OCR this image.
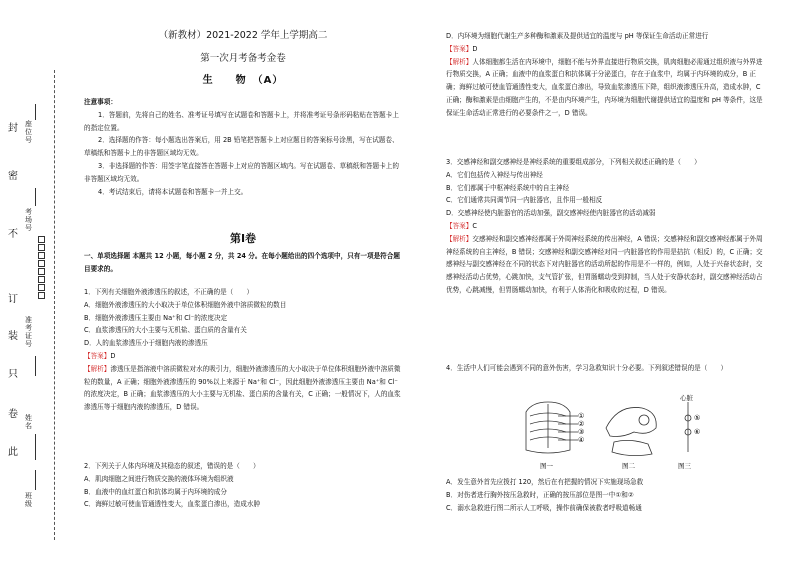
封
密
不
订
装
只
卷
此
座位号
考场号
准考证号
姓名
班级
（新教材）2021-2022 学年上学期高二
第一次月考备考金卷
生　　物　（A）

注意事项：

1．答题前，先将自己的姓名、准考证号填写在试题卷和答题卡上，并将准考证号条形码粘贴在答题卡上的指定位置。

2．选择题的作答：每小题选出答案后，用 2B 铅笔把答题卡上对应题目的答案标号涂黑，写在试题卷、草稿纸和答题卡上的非答题区域均无效。

3．非选择题的作答：用签字笔直接答在答题卡上对应的答题区域内。写在试题卷、草稿纸和答题卡上的非答题区域均无效。

4．考试结束后，请将本试题卷和答题卡一并上交。

第Ⅰ卷

一、单项选择题 本题共 12 小题，每小题 2 分，共 24 分。在每小题给出的四个选项中，只有一项是符合题目要求的。

1．下列有关细胞外液渗透压的叙述，不正确的是（　　）

A．细胞外液渗透压的大小取决于单位体积细胞外液中溶质微粒的数目

B．细胞外液渗透压主要由 Na⁺和 Cl⁻的浓度决定

C．血浆渗透压的大小主要与无机盐、蛋白质的含量有关

D．人的血浆渗透压小于细胞内液的渗透压

【答案】D

【解析】渗透压是指溶液中溶质微粒对水的吸引力，细胞外液渗透压的大小取决于单位体积细胞外液中溶质微粒的数量，A 正确；细胞外液渗透压的 90%以上来源于 Na⁺和 Cl⁻，因此细胞外液渗透压主要由 Na⁺和 Cl⁻的浓度决定，B 正确；血浆渗透压的大小主要与无机盐、蛋白质的含量有关，C 正确；一般情况下，人的血浆渗透压等于细胞内液的渗透压，D 错误。

2．下列关于人体内环境及其稳态的叙述，错误的是（　　）

A．肌肉细胞之间进行物质交换的液体环境为组织液

B．血液中的血红蛋白和抗体均属于内环境的成分

C．海鲜过敏可使血管通透性变大，血浆蛋白渗出，造成水肿

D．内环境为细胞代谢生产多种酶和激素及提供适宜的温度与 pH 等保证生命活动正常进行

【答案】D

【解析】人体细胞都生活在内环境中，细胞不能与外界直接进行物质交换，肌肉细胞必需通过组织液与外界进行物质交换，A 正确；血液中的血浆蛋白和抗体属于分泌蛋白，存在于血浆中，均属于内环境的成分，B 正确；海鲜过敏可使血管通透性变大，血浆蛋白渗出，导致血浆渗透压下降，组织液渗透压升高，造成水肿，C 正确；酶和激素是由细胞产生的，不是由内环境产生，内环境为细胞代谢提供适宜的温度和 pH 等条件，这是保证生命活动正常进行的必要条件之一，D 错误。

3．交感神经和副交感神经是神经系统的重要组成部分，下列相关叙述正确的是（　　）

A．它们包括传入神经与传出神经

B．它们都属于中枢神经系统中的自主神经

C．它们通常共同调节同一内脏器官，且作用一般相反

D．交感神经使内脏器官的活动加强，副交感神经使内脏器官的活动减弱

【答案】C

【解析】交感神经和副交感神经都属于外周神经系统的传出神经，A 错误；交感神经和副交感神经都属于外周神经系统的自主神经，B 错误；交感神经和副交感神经对同一内脏器官的作用是拮抗（相反）的，C 正确；交感神经与副交感神经在不同的状态下对内脏器官的活动所起的作用是不一样的，例如，人处于兴奋状态时，交感神经活动占优势，心跳加快，支气管扩张，但胃肠蠕动受到抑制，当人处于安静状态时，副交感神经活动占优势，心跳减慢，但胃肠蠕动加快，有利于人体消化和吸收的过程，D 错误。

4．生活中人们可能会遇到不同的意外伤害，学习急救知识十分必要。下列叙述错误的是（　　）

①
②
③
④
心脏
⑤
⑥
图一	图二	图三

A．发生意外首先应拨打 120，然后在有把握的情况下实施现场急救

B．对伤者进行胸外按压急救时，正确的按压部位是图一中①和②

C．溺水急救进行图二所示人工呼吸，操作前确保被救者呼吸道畅通
